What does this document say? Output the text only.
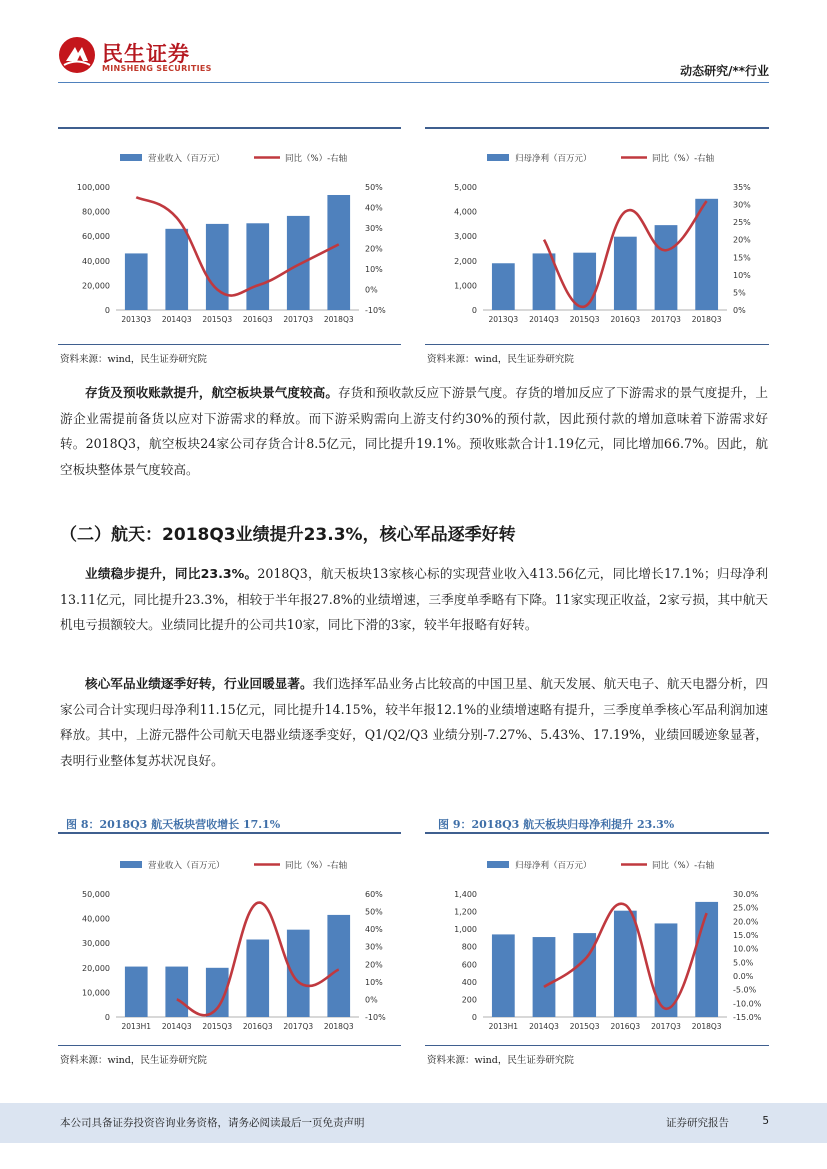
民生证券
MINSHENG SECURITIES	动态研究/**行业
营业收入（百万元）	同比（%）-右轴
100,000
80,000
60,000
40,000
20,000
0
50%
40%
30%
20%
10%
0%
-10%
2013Q3 2014Q3 2015Q3 2016Q3 2017Q3 2018Q3
资料来源：wind，民生证券研究院
归母净利（百万元）	同比（%）-右轴
5,000
4,000
3,000
2,000
1,000
0
35%
30%
25%
20%
15%
10%
5%
0%
2013Q3 2014Q3 2015Q3 2016Q3 2017Q3 2018Q3
资料来源：wind，民生证券研究院
存货及预收账款提升，航空板块景气度较高。存货和预收款反应下游景气度。存货的增加反应了下游需求的景气度提升，上游企业需提前备货以应对下游需求的释放。而下游采购需向上游支付约30%的预付款，因此预付款的增加意味着下游需求好转。2018Q3，航空板块24家公司存货合计8.5亿元，同比提升19.1%。预收账款合计1.19亿元，同比增加66.7%。因此，航空板块整体景气度较高。
（二）航天：2018Q3业绩提升23.3%，核心军品逐季好转
业绩稳步提升，同比23.3%。2018Q3，航天板块13家核心标的实现营业收入413.56亿元，同比增长17.1%；归母净利13.11亿元，同比提升23.3%，相较于半年报27.8%的业绩增速，三季度单季略有下降。11家实现正收益，2家亏损，其中航天机电亏损额较大。业绩同比提升的公司共10家，同比下滑的3家，较半年报略有好转。
核心军品业绩逐季好转，行业回暖显著。我们选择军品业务占比较高的中国卫星、航天发展、航天电子、航天电器分析，四家公司合计实现归母净利11.15亿元，同比提升14.15%，较半年报12.1%的业绩增速略有提升，三季度单季核心军品利润加速释放。其中，上游元器件公司航天电器业绩逐季变好，Q1/Q2/Q3 业绩分别-7.27%、5.43%、17.19%，业绩回暖迹象显著，表明行业整体复苏状况良好。
图 8：2018Q3 航天板块营收增长 17.1%	图 9：2018Q3 航天板块归母净利提升 23.3%
营业收入（百万元）	同比（%）-右轴
50,000
40,000
30,000
20,000
10,000
0
60%
50%
40%
30%
20%
10%
0%
-10%
2013H1 2014Q3 2015Q3 2016Q3 2017Q3 2018Q3
资料来源：wind，民生证券研究院
归母净利（百万元）	同比（%）-右轴
1,400
1,200
1,000
800
600
400
200
0
30.0%
25.0%
20.0%
15.0%
10.0%
5.0%
0.0%
-5.0%
-10.0%
-15.0%
2013H1 2014Q3 2015Q3 2016Q3 2017Q3 2018Q3
资料来源：wind，民生证券研究院
本公司具备证券投资咨询业务资格，请务必阅读最后一页免责声明	证券研究报告	5
